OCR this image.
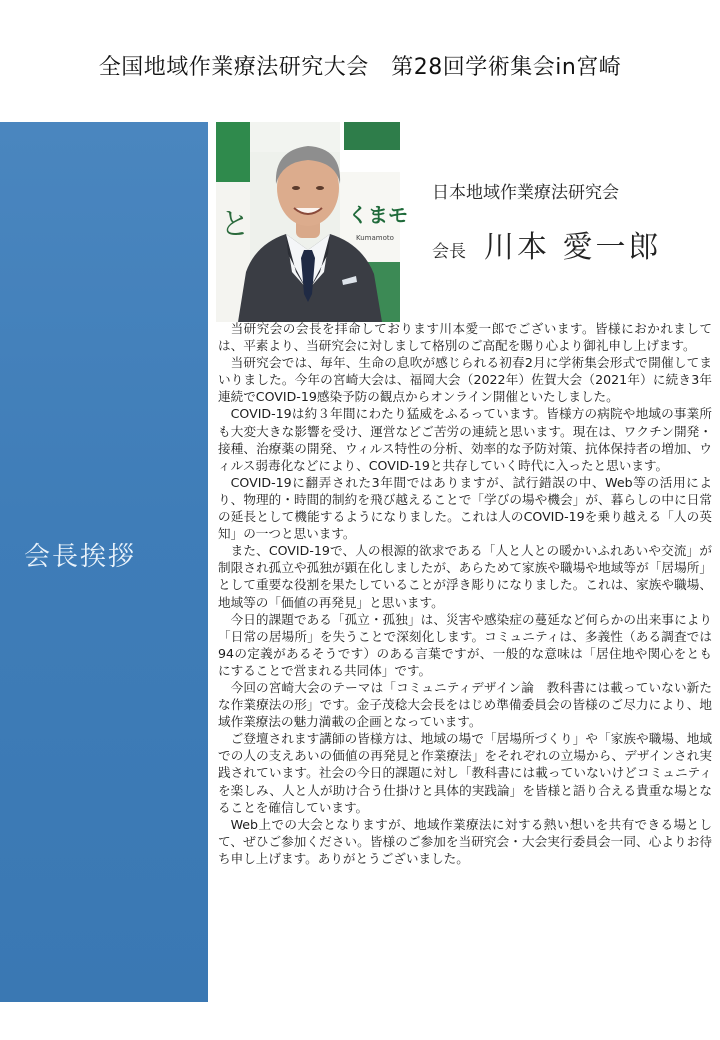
全国地域作業療法研究大会　第28回学術集会in宮崎
会長挨拶
と	くまモ
Kumamoto
日本地域作業療法研究会
会長 川本 愛一郎

当研究会の会長を拝命しております川本愛一郎でございます。皆様におかれましては、平素より、当研究会に対しまして格別のご高配を賜り心より御礼申し上げます。

当研究会では、毎年、生命の息吹が感じられる初春2月に学術集会形式で開催してまいりました。今年の宮崎大会は、福岡大会（2022年）佐賀大会（2021年）に続き3年連続でCOVID-19感染予防の観点からオンライン開催といたしました。

COVID-19は約３年間にわたり猛威をふるっています。皆様方の病院や地域の事業所も大変大きな影響を受け、運営などご苦労の連続と思います。現在は、ワクチン開発・接種、治療薬の開発、ウィルス特性の分析、効率的な予防対策、抗体保持者の増加、ウィルス弱毒化などにより、COVID-19と共存していく時代に入ったと思います。

COVID-19に翻弄された3年間ではありますが、試行錯誤の中、Web等の活用により、物理的・時間的制約を飛び越えることで「学びの場や機会」が、暮らしの中に日常の延長として機能するようになりました。これは人のCOVID-19を乗り越える「人の英知」の一つと思います。

また、COVID-19で、人の根源的欲求である「人と人との暖かいふれあいや交流」が制限され孤立や孤独が顕在化しましたが、あらためて家族や職場や地域等が「居場所」として重要な役割を果たしていることが浮き彫りになりました。これは、家族や職場、地域等の「価値の再発見」と思います。

今日的課題である「孤立・孤独」は、災害や感染症の蔓延など何らかの出来事により「日常の居場所」を失うことで深刻化します。コミュニティは、多義性（ある調査では94の定義があるそうです）のある言葉ですが、一般的な意味は「居住地や関心をともにすることで営まれる共同体」です。

今回の宮崎大会のテーマは「コミュニティデザイン論　教科書には載っていない新たな作業療法の形」です。金子茂稔大会長をはじめ準備委員会の皆様のご尽力により、地域作業療法の魅力満載の企画となっています。

ご登壇されます講師の皆様方は、地域の場で「居場所づくり」や「家族や職場、地域での人の支えあいの価値の再発見と作業療法」をそれぞれの立場から、デザインされ実践されています。社会の今日的課題に対し「教科書には載っていないけどコミュニティを楽しみ、人と人が助け合う仕掛けと具体的実践論」を皆様と語り合える貴重な場となることを確信しています。

Web上での大会となりますが、地域作業療法に対する熱い想いを共有できる場として、ぜひご参加ください。皆様のご参加を当研究会・大会実行委員会一同、心よりお待ち申し上げます。ありがとうございました。
